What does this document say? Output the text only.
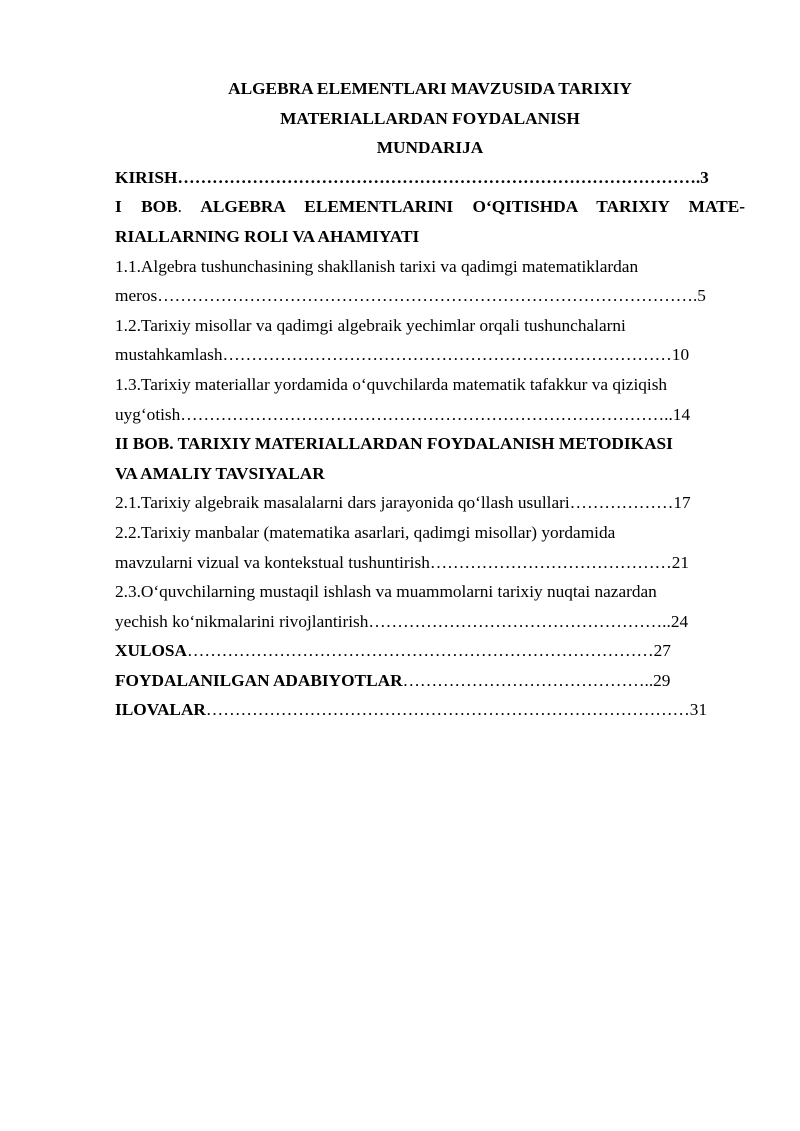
ALGEBRA ELEMENTLARI MAVZUSIDA TARIXIY
MATERIALLARDAN FOYDALANISH
MUNDARIJA
KIRISH……………………………………………………………………………….3
I BOB. ALGEBRA ELEMENTLARINI O‘QITISHDA TARIXIY MATE-
RIALLARNING ROLI VA AHAMIYATI
1.1.Algebra tushunchasining shakllanish tarixi va qadimgi matematiklardan
meros………………………………………………………………………………….5
1.2.Tarixiy misollar va qadimgi algebraik yechimlar orqali tushunchalarni
mustahkamlash……………………………………………………………………10
1.3.Tarixiy materiallar yordamida o‘quvchilarda matematik tafakkur va qiziqish
uyg‘otish…………………………………………………………………………..14
II BOB. TARIXIY MATERIALLARDAN FOYDALANISH METODIKASI
VA AMALIY TAVSIYALAR
2.1.Tarixiy algebraik masalalarni dars jarayonida qo‘llash usullari………………17
2.2.Tarixiy manbalar (matematika asarlari, qadimgi misollar) yordamida
mavzularni vizual va kontekstual tushuntirish……………………………………21
2.3.O‘quvchilarning mustaqil ishlash va muammolarni tarixiy nuqtai nazardan
yechish ko‘nikmalarini rivojlantirish……………………………………………..24
XULOSA………………………………………………………………………27
FOYDALANILGAN ADABIYOTLAR……………………………………..29
ILOVALAR…………………………………………………………………………31
